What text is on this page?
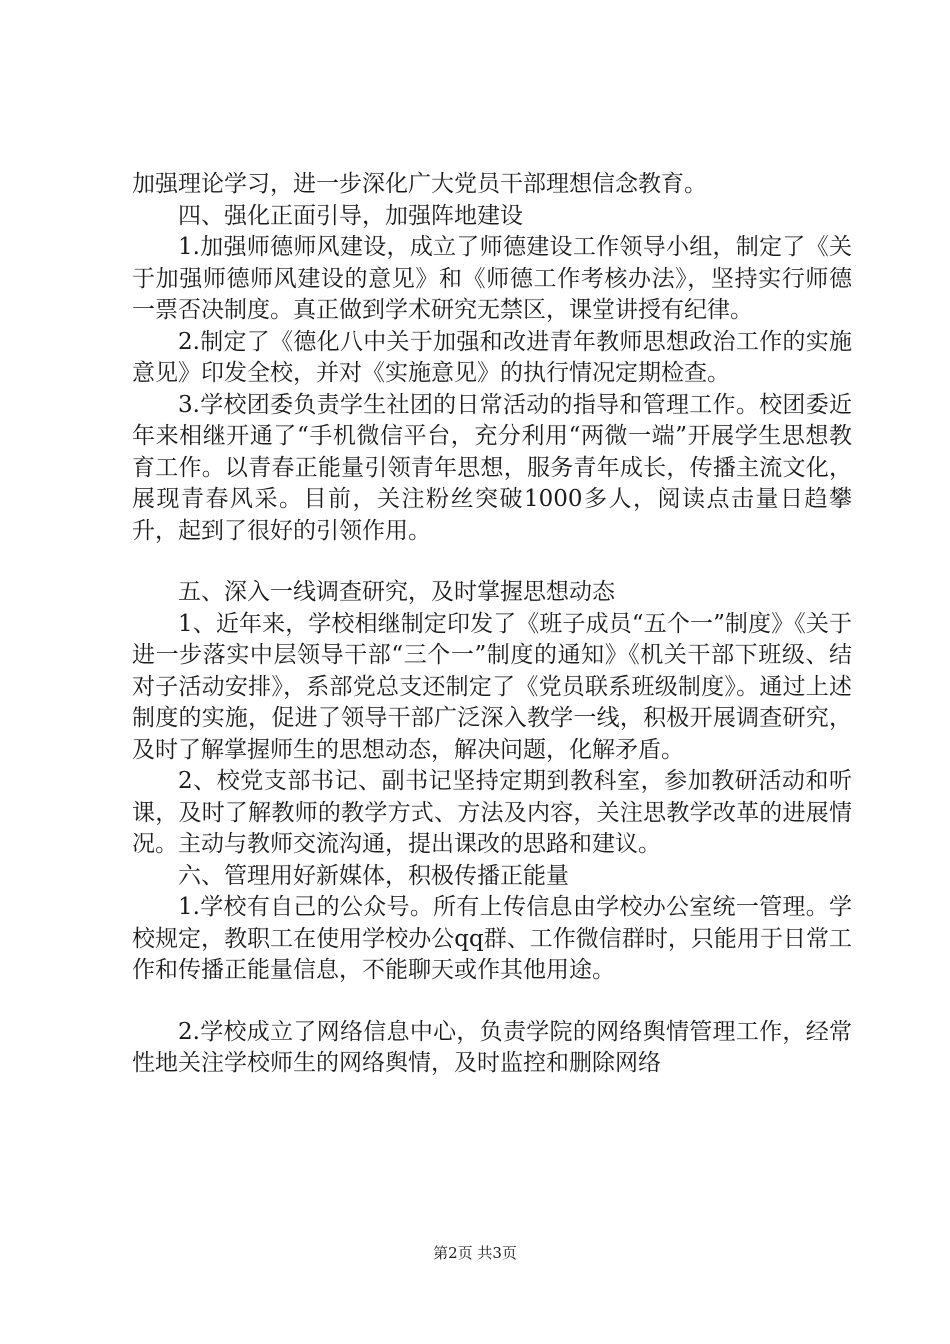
加强理论学习，进一步深化广大党员干部理想信念教育。

四、强化正面引导，加强阵地建设

1.加强师德师风建设，成立了师德建设工作领导小组，制定了《关于加强师德师风建设的意见》和《师德工作考核办法》，坚持实行师德一票否决制度。真正做到学术研究无禁区，课堂讲授有纪律。

2.制定了《德化八中关于加强和改进青年教师思想政治工作的实施意见》印发全校，并对《实施意见》的执行情况定期检查。

3.学校团委负责学生社团的日常活动的指导和管理工作。校团委近年来相继开通了“手机微信平台，充分利用“两微一端”开展学生思想教育工作。以青春正能量引领青年思想，服务青年成长，传播主流文化，展现青春风采。目前，关注粉丝突破1000多人，阅读点击量日趋攀升，起到了很好的引领作用。

五、深入一线调查研究，及时掌握思想动态

1、近年来，学校相继制定印发了《班子成员“五个一”制度》《关于进一步落实中层领导干部“三个一”制度的通知》《机关干部下班级、结对子活动安排》，系部党总支还制定了《党员联系班级制度》。通过上述制度的实施，促进了领导干部广泛深入教学一线，积极开展调查研究，及时了解掌握师生的思想动态，解决问题，化解矛盾。

2、校党支部书记、副书记坚持定期到教科室，参加教研活动和听课，及时了解教师的教学方式、方法及内容，关注思教学改革的进展情况。主动与教师交流沟通，提出课改的思路和建议。

六、管理用好新媒体，积极传播正能量

1.学校有自己的公众号。所有上传信息由学校办公室统一管理。学校规定，教职工在使用学校办公qq群、工作微信群时，只能用于日常工作和传播正能量信息，不能聊天或作其他用途。

2.学校成立了网络信息中心，负责学院的网络舆情管理工作，经常性地关注学校师生的网络舆情，及时监控和删除网络

第2页 共3页
